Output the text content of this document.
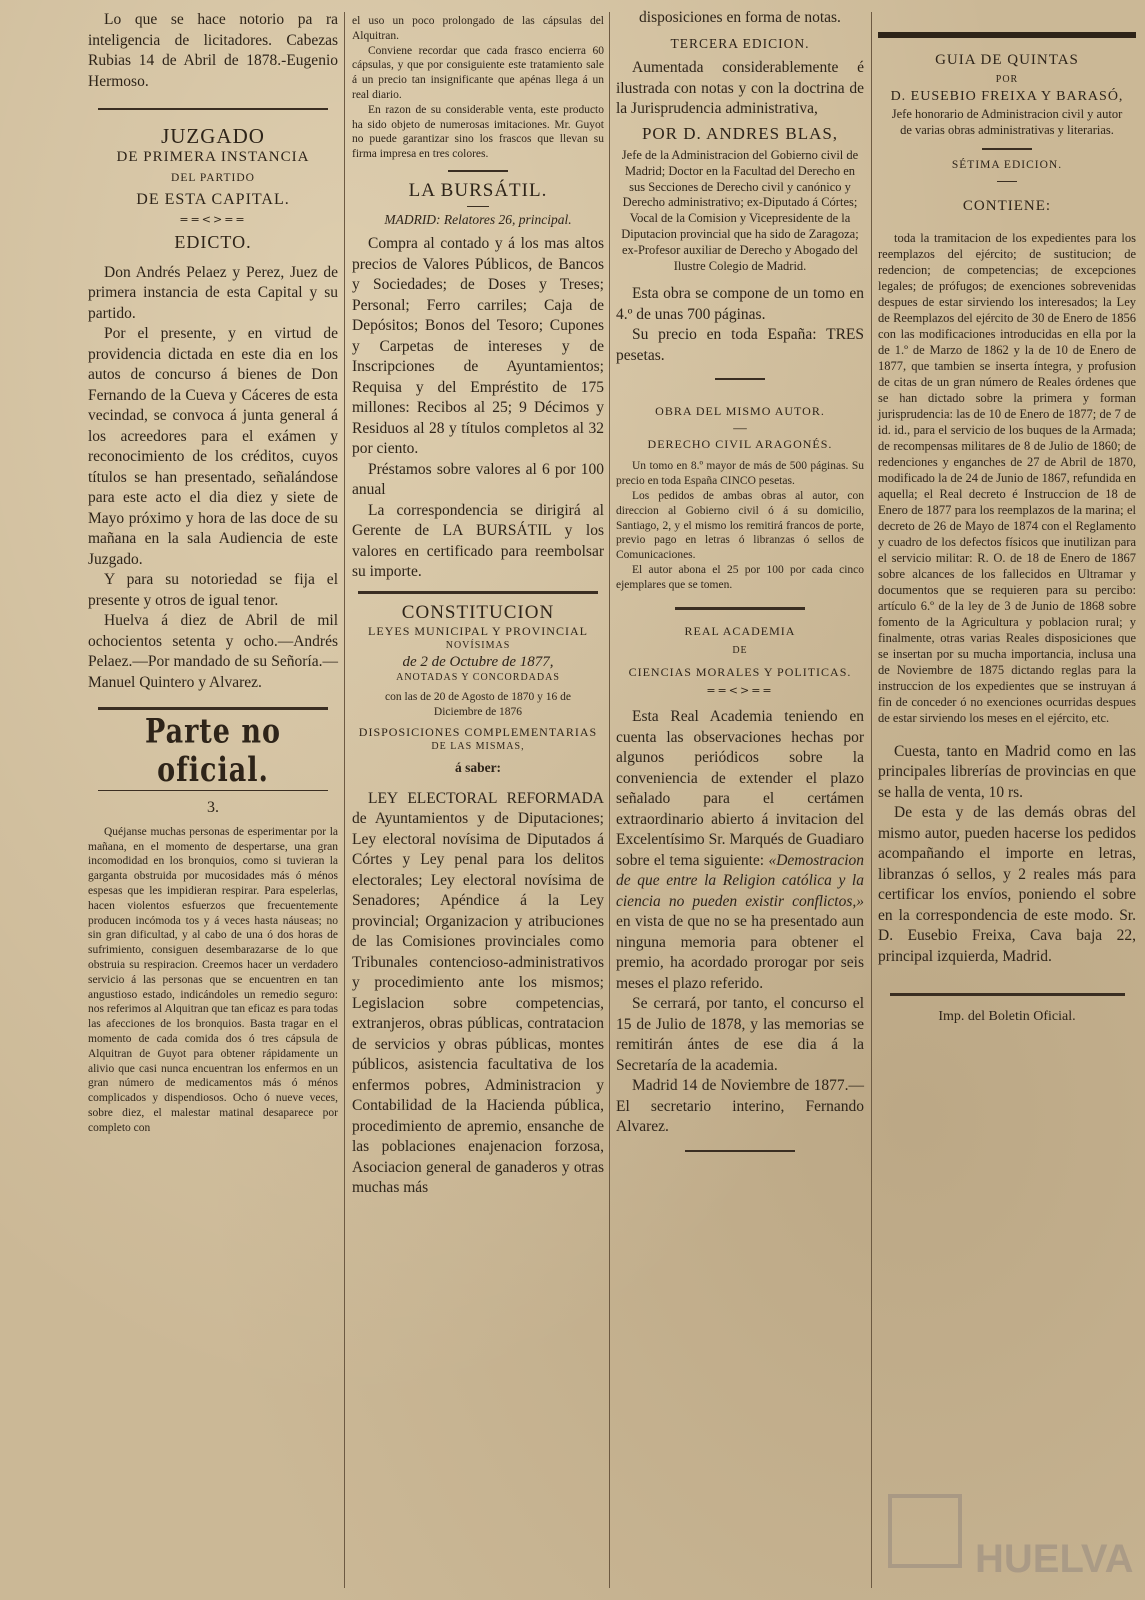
Lo que se hace notorio pa ra inteligencia de licitadores. Cabezas Rubias 14 de Abril de 1878.-Eugenio Hermoso.

JUZGADO
DE PRIMERA INSTANCIA
DEL PARTIDO
DE ESTA CAPITAL.
==<>==
EDICTO.

Don Andrés Pelaez y Perez, Juez de primera instancia de esta Capital y su partido.

Por el presente, y en virtud de providencia dictada en este dia en los autos de concurso á bienes de Don Fernando de la Cueva y Cáceres de esta vecindad, se convoca á junta general á los acreedores para el exámen y reconocimiento de los créditos, cuyos títulos se han presentado, señalándose para este acto el dia diez y siete de Mayo próximo y hora de las doce de su mañana en la sala Audiencia de este Juzgado.

Y para su notoriedad se fija el presente y otros de igual tenor.

Huelva á diez de Abril de mil ochocientos setenta y ocho.—Andrés Pelaez.—Por mandado de su Señoría.—Manuel Quintero y Alvarez.

Parte no oficial.
3.

Quéjanse muchas personas de esperimentar por la mañana, en el momento de despertarse, una gran incomodidad en los bronquios, como si tuvieran la garganta obstruida por mucosidades más ó ménos espesas que les impidieran respirar. Para espelerlas, hacen violentos esfuerzos que frecuentemente producen incómoda tos y á veces hasta náuseas; no sin gran dificultad, y al cabo de una ó dos horas de sufrimiento, consiguen desembarazarse de lo que obstruia su respiracion. Creemos hacer un verdadero servicio á las personas que se encuentren en tan angustioso estado, indicándoles un remedio seguro: nos referimos al Alquitran que tan eficaz es para todas las afecciones de los bronquios. Basta tragar en el momento de cada comida dos ó tres cápsula de Alquitran de Guyot para obtener rápidamente un alivio que casi nunca encuentran los enfermos en un gran número de medicamentos más ó ménos complicados y dispendiosos. Ocho ó nueve veces, sobre diez, el malestar matinal desaparece por completo con

el uso un poco prolongado de las cápsulas del Alquitran.

Conviene recordar que cada frasco encierra 60 cápsulas, y que por consiguiente este tratamiento sale á un precio tan insignificante que apénas llega á un real diario.

En razon de su considerable venta, este producto ha sido objeto de numerosas imitaciones. Mr. Guyot no puede garantizar sino los frascos que llevan su firma impresa en tres colores.

LA BURSÁTIL.
MADRID: Relatores 26, principal.

Compra al contado y á los mas altos precios de Valores Públicos, de Bancos y Sociedades; de Doses y Treses; Personal; Ferro carriles; Caja de Depósitos; Bonos del Tesoro; Cupones y Carpetas de intereses y de Inscripciones de Ayuntamientos; Requisa y del Empréstito de 175 millones: Recibos al 25; 9 Décimos y Residuos al 28 y títulos completos al 32 por ciento.

Préstamos sobre valores al 6 por 100 anual

La correspondencia se dirigirá al Gerente de LA BURSÁTIL y los valores en certificado para reembolsar su importe.

CONSTITUCION
LEYES MUNICIPAL Y PROVINCIAL
NOVÍSIMAS
de 2 de Octubre de 1877,
ANOTADAS Y CONCORDADAS
con las de 20 de Agosto de 1870 y 16 de Diciembre de 1876
DISPOSICIONES COMPLEMENTARIAS
DE LAS MISMAS,
á saber:

LEY ELECTORAL REFORMADA de Ayuntamientos y de Diputaciones; Ley electoral novísima de Diputados á Córtes y Ley penal para los delitos electorales; Ley electoral novísima de Senadores; Apéndice á la Ley provincial; Organizacion y atribuciones de las Comisiones provinciales como Tribunales contencioso-administrativos y procedimiento ante los mismos; Legislacion sobre competencias, extranjeros, obras públicas, contratacion de servicios y obras públicas, montes públicos, asistencia facultativa de los enfermos pobres, Administracion y Contabilidad de la Hacienda pública, procedimiento de apremio, ensanche de las poblaciones enajenacion forzosa, Asociacion general de ganaderos y otras muchas más

disposiciones en forma de notas.

TERCERA EDICION.

Aumentada considerablemente é ilustrada con notas y con la doctrina de la Jurisprudencia administrativa,

POR D. ANDRES BLAS,

Jefe de la Administracion del Gobierno civil de Madrid; Doctor en la Facultad del Derecho en sus Secciones de Derecho civil y canónico y Derecho administrativo; ex-Diputado á Córtes; Vocal de la Comision y Vicepresidente de la Diputacion provincial que ha sido de Zaragoza; ex-Profesor auxiliar de Derecho y Abogado del Ilustre Colegio de Madrid.

Esta obra se compone de un tomo en 4.º de unas 700 páginas.

Su precio en toda España: TRES pesetas.

OBRA DEL MISMO AUTOR.
—
DERECHO CIVIL ARAGONÉS.

Un tomo en 8.º mayor de más de 500 páginas. Su precio en toda España CINCO pesetas.

Los pedidos de ambas obras al autor, con direccion al Gobierno civil ó á su domicilio, Santiago, 2, y el mismo los remitirá francos de porte, previo pago en letras ó libranzas ó sellos de Comunicaciones.

El autor abona el 25 por 100 por cada cinco ejemplares que se tomen.

REAL ACADEMIA
DE
CIENCIAS MORALES Y POLITICAS.
==<>==

Esta Real Academia teniendo en cuenta las observaciones hechas por algunos periódicos sobre la conveniencia de extender el plazo señalado para el certámen extraordinario abierto á invitacion del Excelentísimo Sr. Marqués de Guadiaro sobre el tema siguiente: «Demostracion de que entre la Religion católica y la ciencia no pueden existir conflictos,» en vista de que no se ha presentado aun ninguna memoria para obtener el premio, ha acordado prorogar por seis meses el plazo referido.

Se cerrará, por tanto, el concurso el 15 de Julio de 1878, y las memorias se remitirán ántes de ese dia á la Secretaría de la academia.

Madrid 14 de Noviembre de 1877.—El secretario interino, Fernando Alvarez.

GUIA DE QUINTAS
POR
D. EUSEBIO FREIXA Y BARASÓ,

Jefe honorario de Administracion civil y autor de varias obras administrativas y literarias.

SÉTIMA EDICION.
CONTIENE:

toda la tramitacion de los expedientes para los reemplazos del ejército; de sustitucion; de redencion; de competencias; de excepciones legales; de prófugos; de exenciones sobrevenidas despues de estar sirviendo los interesados; la Ley de Reemplazos del ejército de 30 de Enero de 1856 con las modificaciones introducidas en ella por la de 1.º de Marzo de 1862 y la de 10 de Enero de 1877, que tambien se inserta íntegra, y profusion de citas de un gran número de Reales órdenes que se han dictado sobre la primera y forman jurisprudencia: las de 10 de Enero de 1877; de 7 de id. id., para el servicio de los buques de la Armada; de recompensas militares de 8 de Julio de 1860; de redenciones y enganches de 27 de Abril de 1870, modificado la de 24 de Junio de 1867, refundida en aquella; el Real decreto é Instruccion de 18 de Enero de 1877 para los reemplazos de la marina; el decreto de 26 de Mayo de 1874 con el Reglamento y cuadro de los defectos físicos que inutilizan para el servicio militar: R. O. de 18 de Enero de 1867 sobre alcances de los fallecidos en Ultramar y documentos que se requieren para su percibo: artículo 6.º de la ley de 3 de Junio de 1868 sobre fomento de la Agricultura y poblacion rural; y finalmente, otras varias Reales disposiciones que se insertan por su mucha importancia, inclusa una de Noviembre de 1875 dictando reglas para la instruccion de los expedientes que se instruyan á fin de conceder ó no exenciones ocurridas despues de estar sirviendo los meses en el ejército, etc.

Cuesta, tanto en Madrid como en las principales librerías de provincias en que se halla de venta, 10 rs.

De esta y de las demás obras del mismo autor, pueden hacerse los pedidos acompañando el importe en letras, libranzas ó sellos, y 2 reales más para certificar los envíos, poniendo el sobre en la correspondencia de este modo. Sr. D. Eusebio Freixa, Cava baja 22, principal izquierda, Madrid.

Imp. del Boletin Oficial.
HUELVA
